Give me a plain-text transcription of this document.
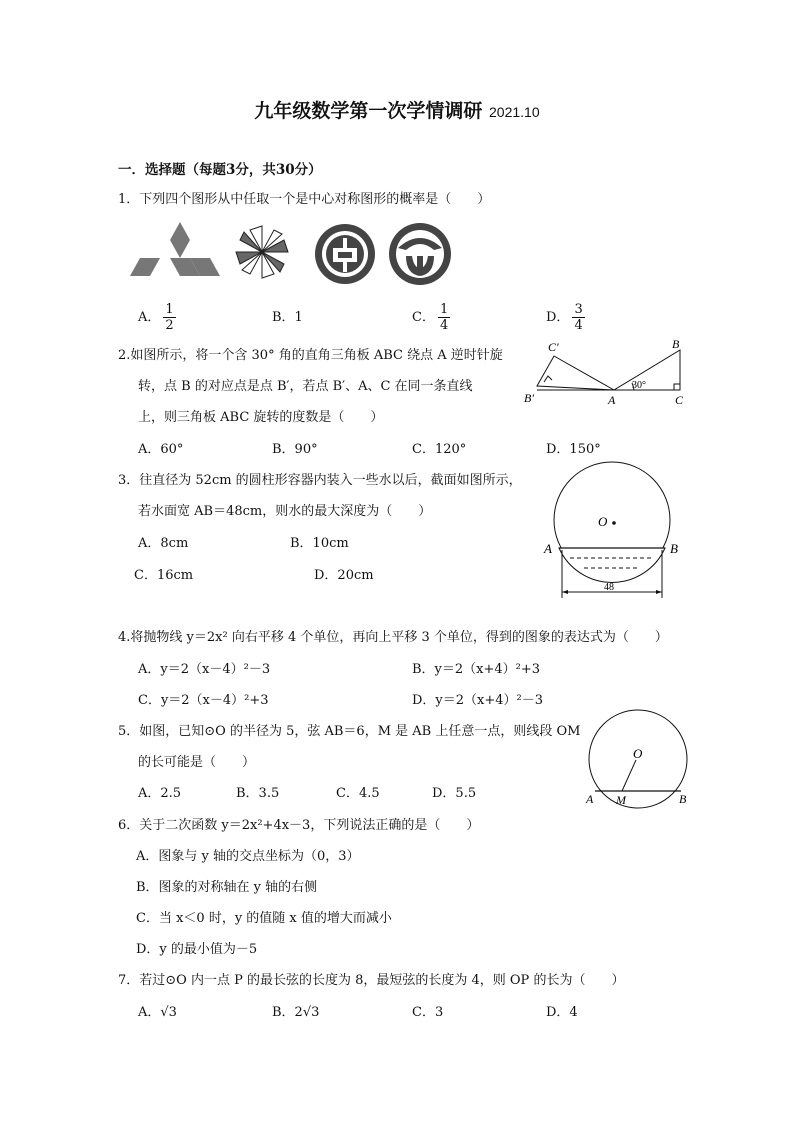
九年级数学第一次学情调研 2021.10
一．选择题（每题3分，共30分）
1．下列四个图形从中任取一个是中心对称图形的概率是（　　）
A． $\frac{1}{2}$	B．1	C． $\frac{1}{4}$	D． $\frac{3}{4}$
2.如图所示，将一个含 30° 角的直角三角板 ABC 绕点 A 逆时针旋
转，点 B 的对应点是点 B′，若点 B′、A、C 在同一条直线
上，则三角板 ABC 旋转的度数是（　　）
A．60°	B．90°	C．120°	D．150°
C′	B
B′	A	C
30°
3．往直径为 52cm 的圆柱形容器内装入一些水以后，截面如图所示，
若水面宽 AB＝48cm，则水的最大深度为（　　）
A．8cm	B．10cm
C．16cm	D．20cm
O
A	B
48
4.将抛物线 y＝2x² 向右平移 4 个单位，再向上平移 3 个单位，得到的图象的表达式为（　　）
A．y＝2（x－4）²－3	B．y＝2（x+4）²+3
C．y＝2（x－4）²+3	D．y＝2（x+4）²－3
5．如图，已知⊙O 的半径为 5，弦 AB＝6，M 是 AB 上任意一点，则线段 OM
的长可能是（　　）
A．2.5	B．3.5	C．4.5	D．5.5
O
A M	B
6．关于二次函数 y＝2x²+4x－3，下列说法正确的是（　　）
A．图象与 y 轴的交点坐标为（0，3）
B．图象的对称轴在 y 轴的右侧
C．当 x＜0 时，y 的值随 x 值的增大而减小
D．y 的最小值为－5
7．若过⊙O 内一点 P 的最长弦的长度为 8，最短弦的长度为 4，则 OP 的长为（　　）
A．√3	B．2√3	C．3	D．4
